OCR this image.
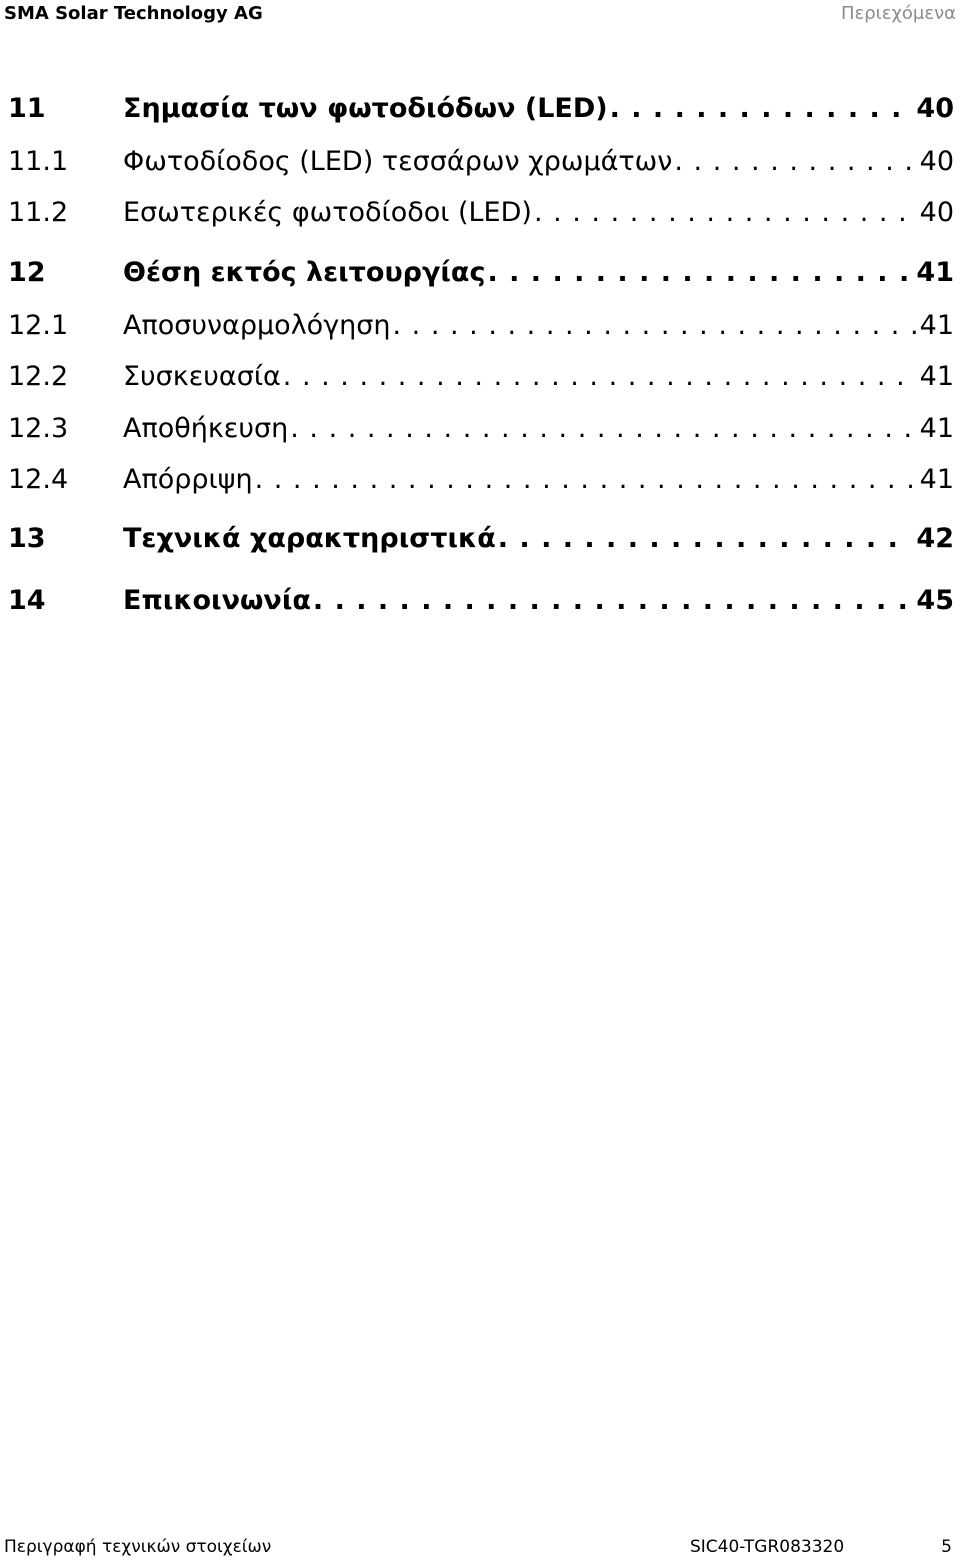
SMA Solar Technology AG	Περιεχόμενα
11	Σημασία των φωτοδιόδων (LED) . . .	40
11.1	Φωτοδίοδος (LED) τεσσάρων χρωμάτων . . .	40
11.2	Εσωτερικές φωτοδίοδοι (LED) . . .	40
12	Θέση εκτός λειτουργίας . . .	41
12.1	Αποσυναρμολόγηση . . .	41
12.2	Συσκευασία . . .	41
12.3	Αποθήκευση . . .	41
12.4	Απόρριψη . . .	41
13	Τεχνικά χαρακτηριστικά . . .	42
14	Επικοινωνία . . .	45
Περιγραφή τεχνικών στοιχείων	SIC40-TGR083320	5
